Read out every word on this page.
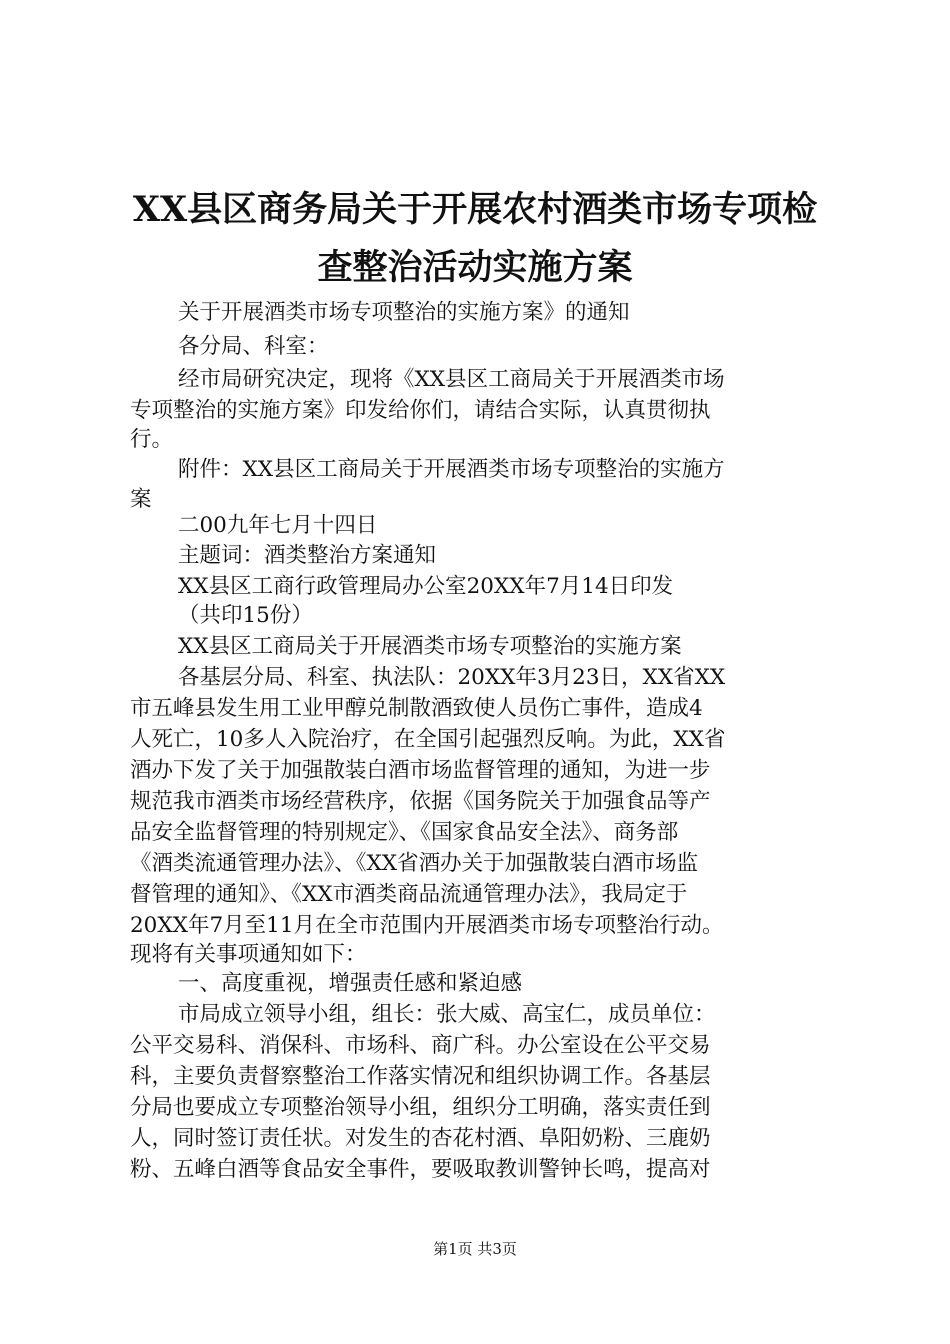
XX县区商务局关于开展农村酒类市场专项检
查整治活动实施方案
关于开展酒类市场专项整治的实施方案》的通知
各分局、科室：
经市局研究决定，现将《XX县区工商局关于开展酒类市场
专项整治的实施方案》印发给你们，请结合实际，认真贯彻执
行。
附件：XX县区工商局关于开展酒类市场专项整治的实施方
案
二00九年七月十四日
主题词：酒类整治方案通知
XX县区工商行政管理局办公室20XX年7月14日印发
（共印15份）
XX县区工商局关于开展酒类市场专项整治的实施方案
各基层分局、科室、执法队：20XX年3月23日，XX省XX
市五峰县发生用工业甲醇兑制散酒致使人员伤亡事件，造成4
人死亡，10多人入院治疗，在全国引起强烈反响。为此，XX省
酒办下发了关于加强散装白酒市场监督管理的通知，为进一步
规范我市酒类市场经营秩序，依据《国务院关于加强食品等产
品安全监督管理的特别规定》、《国家食品安全法》、商务部
《酒类流通管理办法》、《XX省酒办关于加强散装白酒市场监
督管理的通知》、《XX市酒类商品流通管理办法》，我局定于
20XX年7月至11月在全市范围内开展酒类市场专项整治行动。
现将有关事项通知如下：
一、高度重视，增强责任感和紧迫感
市局成立领导小组，组长：张大威、高宝仁，成员单位：
公平交易科、消保科、市场科、商广科。办公室设在公平交易
科，主要负责督察整治工作落实情况和组织协调工作。各基层
分局也要成立专项整治领导小组，组织分工明确，落实责任到
人，同时签订责任状。对发生的杏花村酒、阜阳奶粉、三鹿奶
粉、五峰白酒等食品安全事件，要吸取教训警钟长鸣，提高对
第1页 共3页
